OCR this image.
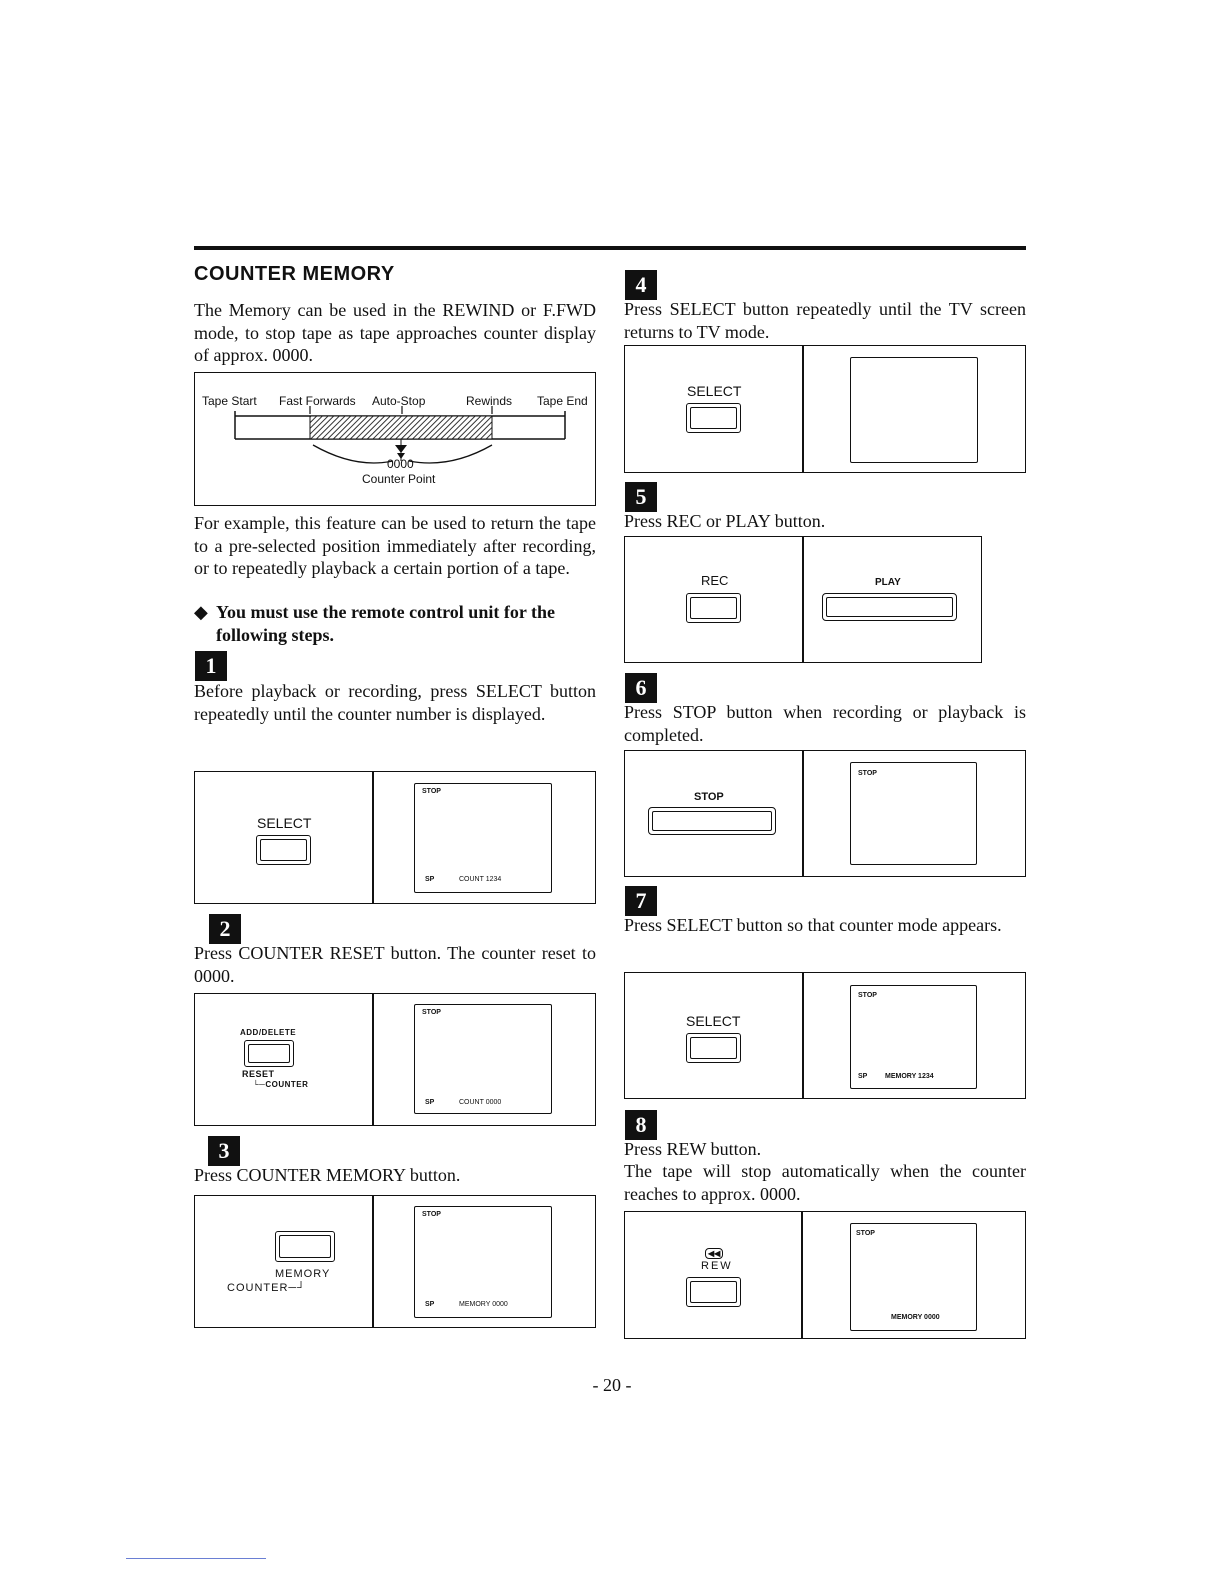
COUNTER MEMORY
The Memory can be used in the REWIND or F.FWD mode, to stop tape as tape approaches counter display of approx. 0000.
Tape Start Fast Forwards Auto-Stop	Rewinds Tape End
0000
Counter Point
For example, this feature can be used to return the tape to a pre-selected position immediately after recording, or to repeatedly playback a certain portion of a tape.
◆ You must use the remote control unit for the following steps.
1
Before playback or recording, press SELECT button repeatedly until the counter number is displayed.
SELECT
STOP
SP	COUNT 1234
2
Press COUNTER RESET button. The counter reset to 0000.
ADD/DELETE
RESET
└─COUNTER
STOP
SP	COUNT 0000
3
Press COUNTER MEMORY button.
MEMORY
COUNTER─┘
STOP
SP	MEMORY 0000
4
Press SELECT button repeatedly until the TV screen returns to TV mode.
SELECT
5
Press REC or PLAY button.
REC	PLAY
6
Press STOP button when recording or playback is completed.
STOP
STOP
7
Press SELECT button so that counter mode appears.
SELECT
STOP
SP	MEMORY 1234
8
Press REW button.
The tape will stop automatically when the counter reaches to approx. 0000.
◀◀
REW
STOP
MEMORY 0000
- 20 -
